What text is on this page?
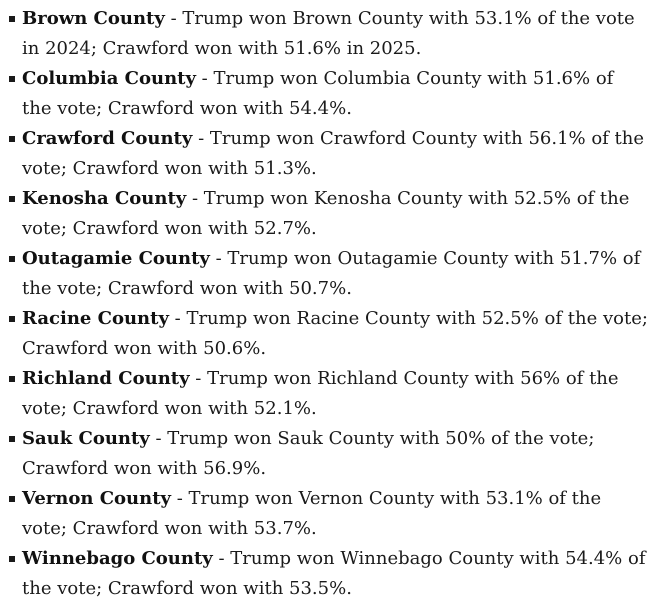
Brown County - Trump won Brown County with 53.1% of the vote in 2024; Crawford won with 51.6% in 2025.
Columbia County - Trump won Columbia County with 51.6% of the vote; Crawford won with 54.4%.
Crawford County - Trump won Crawford County with 56.1% of the vote; Crawford won with 51.3%.
Kenosha County - Trump won Kenosha County with 52.5% of the vote; Crawford won with 52.7%.
Outagamie County - Trump won Outagamie County with 51.7% of the vote; Crawford won with 50.7%.
Racine County - Trump won Racine County with 52.5% of the vote; Crawford won with 50.6%.
Richland County - Trump won Richland County with 56% of the vote; Crawford won with 52.1%.
Sauk County - Trump won Sauk County with 50% of the vote; Crawford won with 56.9%.
Vernon County - Trump won Vernon County with 53.1% of the vote; Crawford won with 53.7%.
Winnebago County - Trump won Winnebago County with 54.4% of the vote; Crawford won with 53.5%.
